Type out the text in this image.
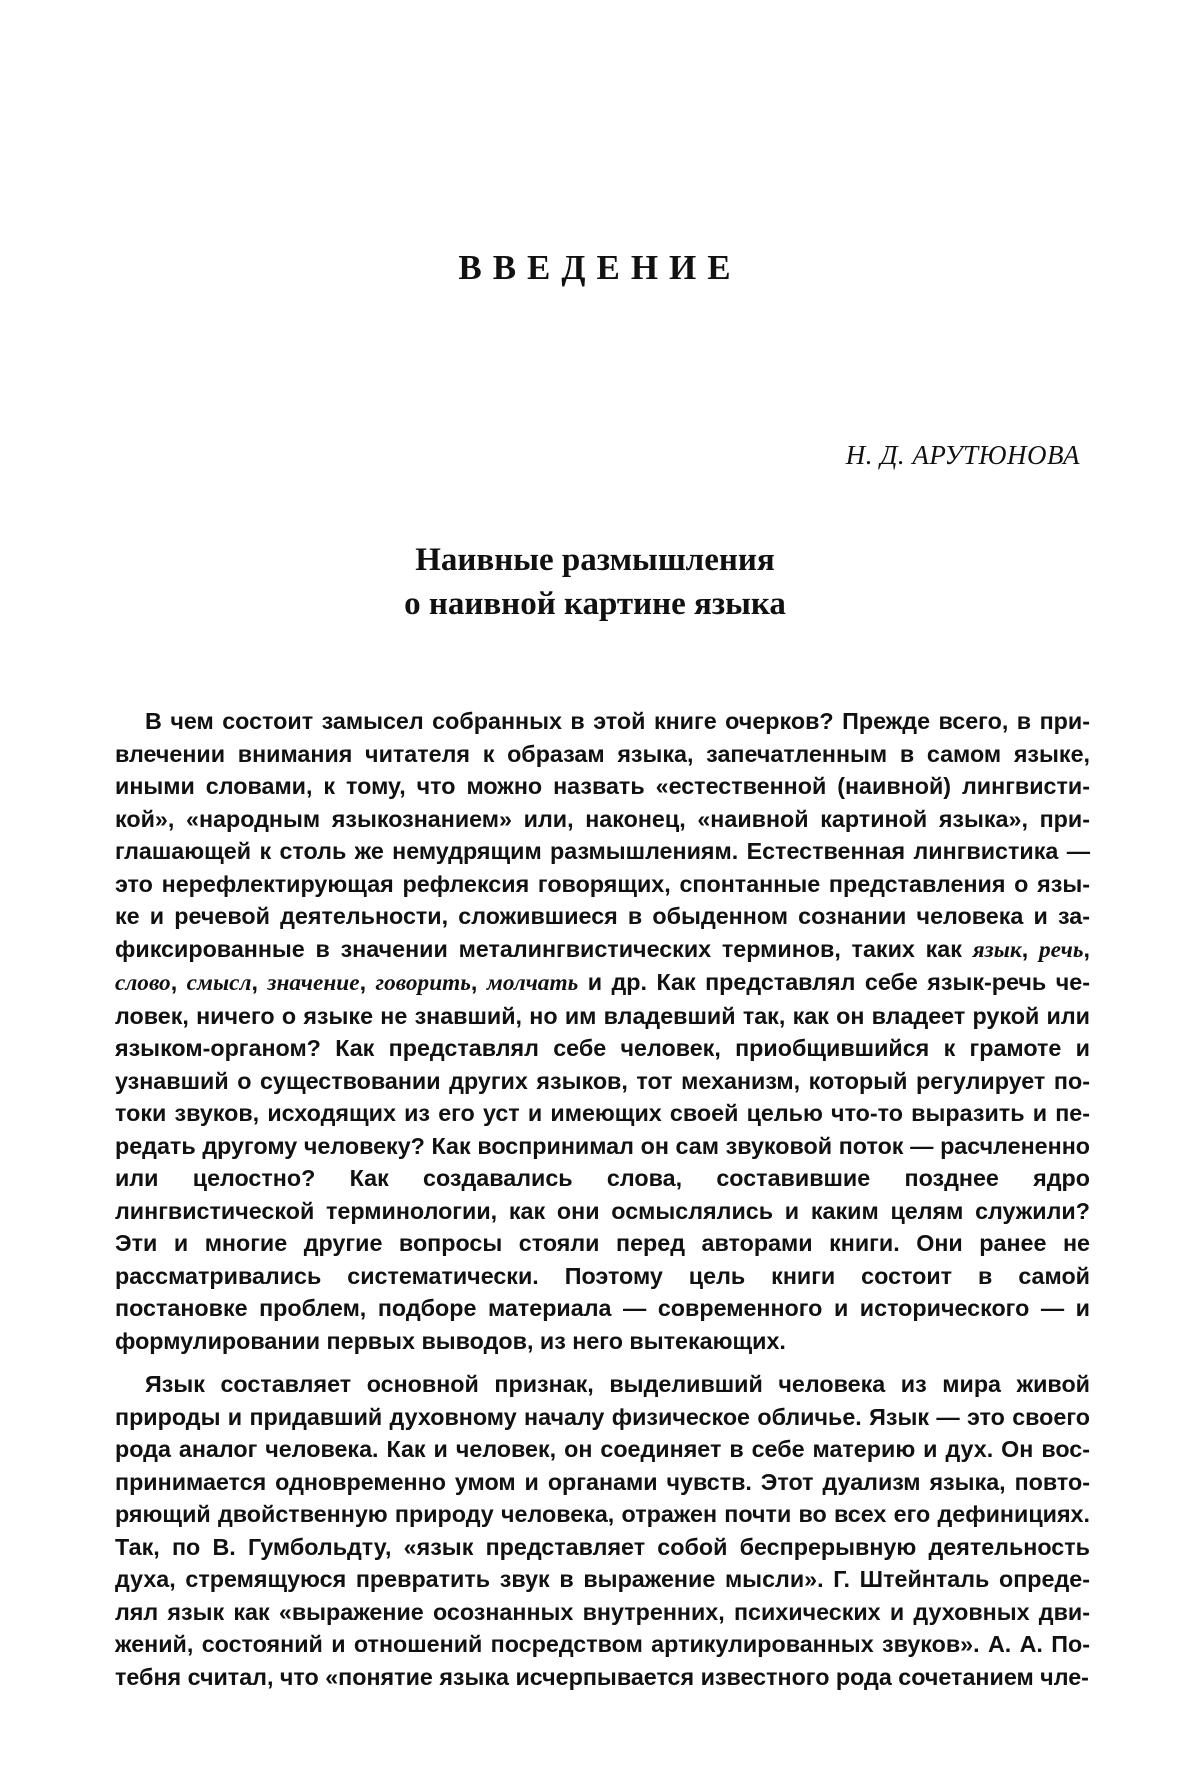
ВВЕДЕНИЕ
Н. Д. АРУТЮНОВА
Наивные размышления
о наивной картине языка

В чем состоит замысел собранных в этой книге очерков? Прежде всего, в привлечении внимания читателя к образам языка, запечатленным в самом языке, иными словами, к тому, что можно назвать «естественной (наивной) лингвистикой», «народным языкознанием» или, наконец, «наивной картиной языка», приглашающей к столь же немудрящим размышлениям. Естественная лингвистика — это нерефлектирующая рефлексия говорящих, спонтанные представления о языке и речевой деятельности, сложившиеся в обыденном сознании человека и зафиксированные в значении металингвистических терминов, таких как язык, речь, слово, смысл, значение, говорить, молчать и др. Как представлял себе язык-речь человек, ничего о языке не знавший, но им владевший так, как он владеет рукой или языком-органом? Как представлял себе человек, приобщившийся к грамоте и узнавший о существовании других языков, тот механизм, который регулирует потоки звуков, исходящих из его уст и имеющих своей целью что-то выразить и передать другому человеку? Как воспринимал он сам звуковой поток — расчлененно или целостно? Как создавались слова, составившие позднее ядро лингвистической терминологии, как они осмыслялись и каким целям служили? Эти и многие другие вопросы стояли перед авторами книги. Они ранее не рассматривались систематически. Поэтому цель книги состоит в самой постановке проблем, подборе материала — современного и исторического — и формулировании первых выводов, из него вытекающих.

Язык составляет основной признак, выделивший человека из мира живой природы и придавший духовному началу физическое обличье. Язык — это своего рода аналог человека. Как и человек, он соединяет в себе материю и дух. Он воспринимается одновременно умом и органами чувств. Этот дуализм языка, повторяющий двойственную природу человека, отражен почти во всех его дефинициях. Так, по В. Гумбольдту, «язык представляет собой беспрерывную деятельность духа, стремящуюся превратить звук в выражение мысли». Г. Штейнталь определял язык как «выражение осознанных внутренних, психических и духовных движений, состояний и отношений посредством артикулированных звуков». А. А. Потебня считал, что «понятие языка исчерпывается известного рода сочетанием чле-
